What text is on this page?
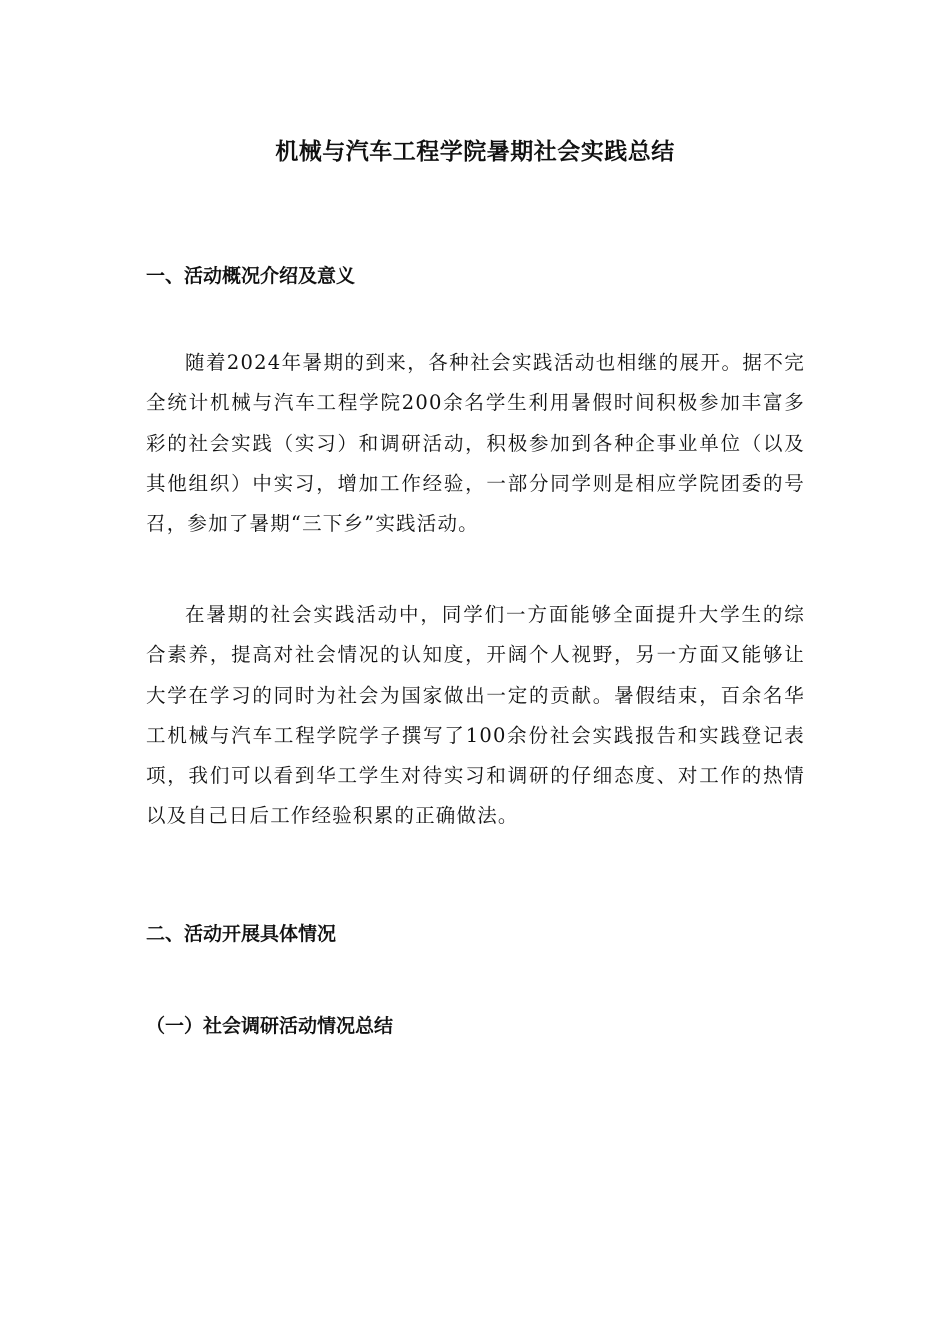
机械与汽车工程学院暑期社会实践总结
一、活动概况介绍及意义

随着2024年暑期的到来，各种社会实践活动也相继的展开。据不完全统计机械与汽车工程学院200余名学生利用暑假时间积极参加丰富多彩的社会实践（实习）和调研活动，积极参加到各种企事业单位（以及其他组织）中实习，增加工作经验，一部分同学则是相应学院团委的号召，参加了暑期“三下乡”实践活动。

在暑期的社会实践活动中，同学们一方面能够全面提升大学生的综合素养，提高对社会情况的认知度，开阔个人视野，另一方面又能够让大学在学习的同时为社会为国家做出一定的贡献。暑假结束，百余名华工机械与汽车工程学院学子撰写了100余份社会实践报告和实践登记表项，我们可以看到华工学生对待实习和调研的仔细态度、对工作的热情以及自己日后工作经验积累的正确做法。

二、活动开展具体情况
（一）社会调研活动情况总结
